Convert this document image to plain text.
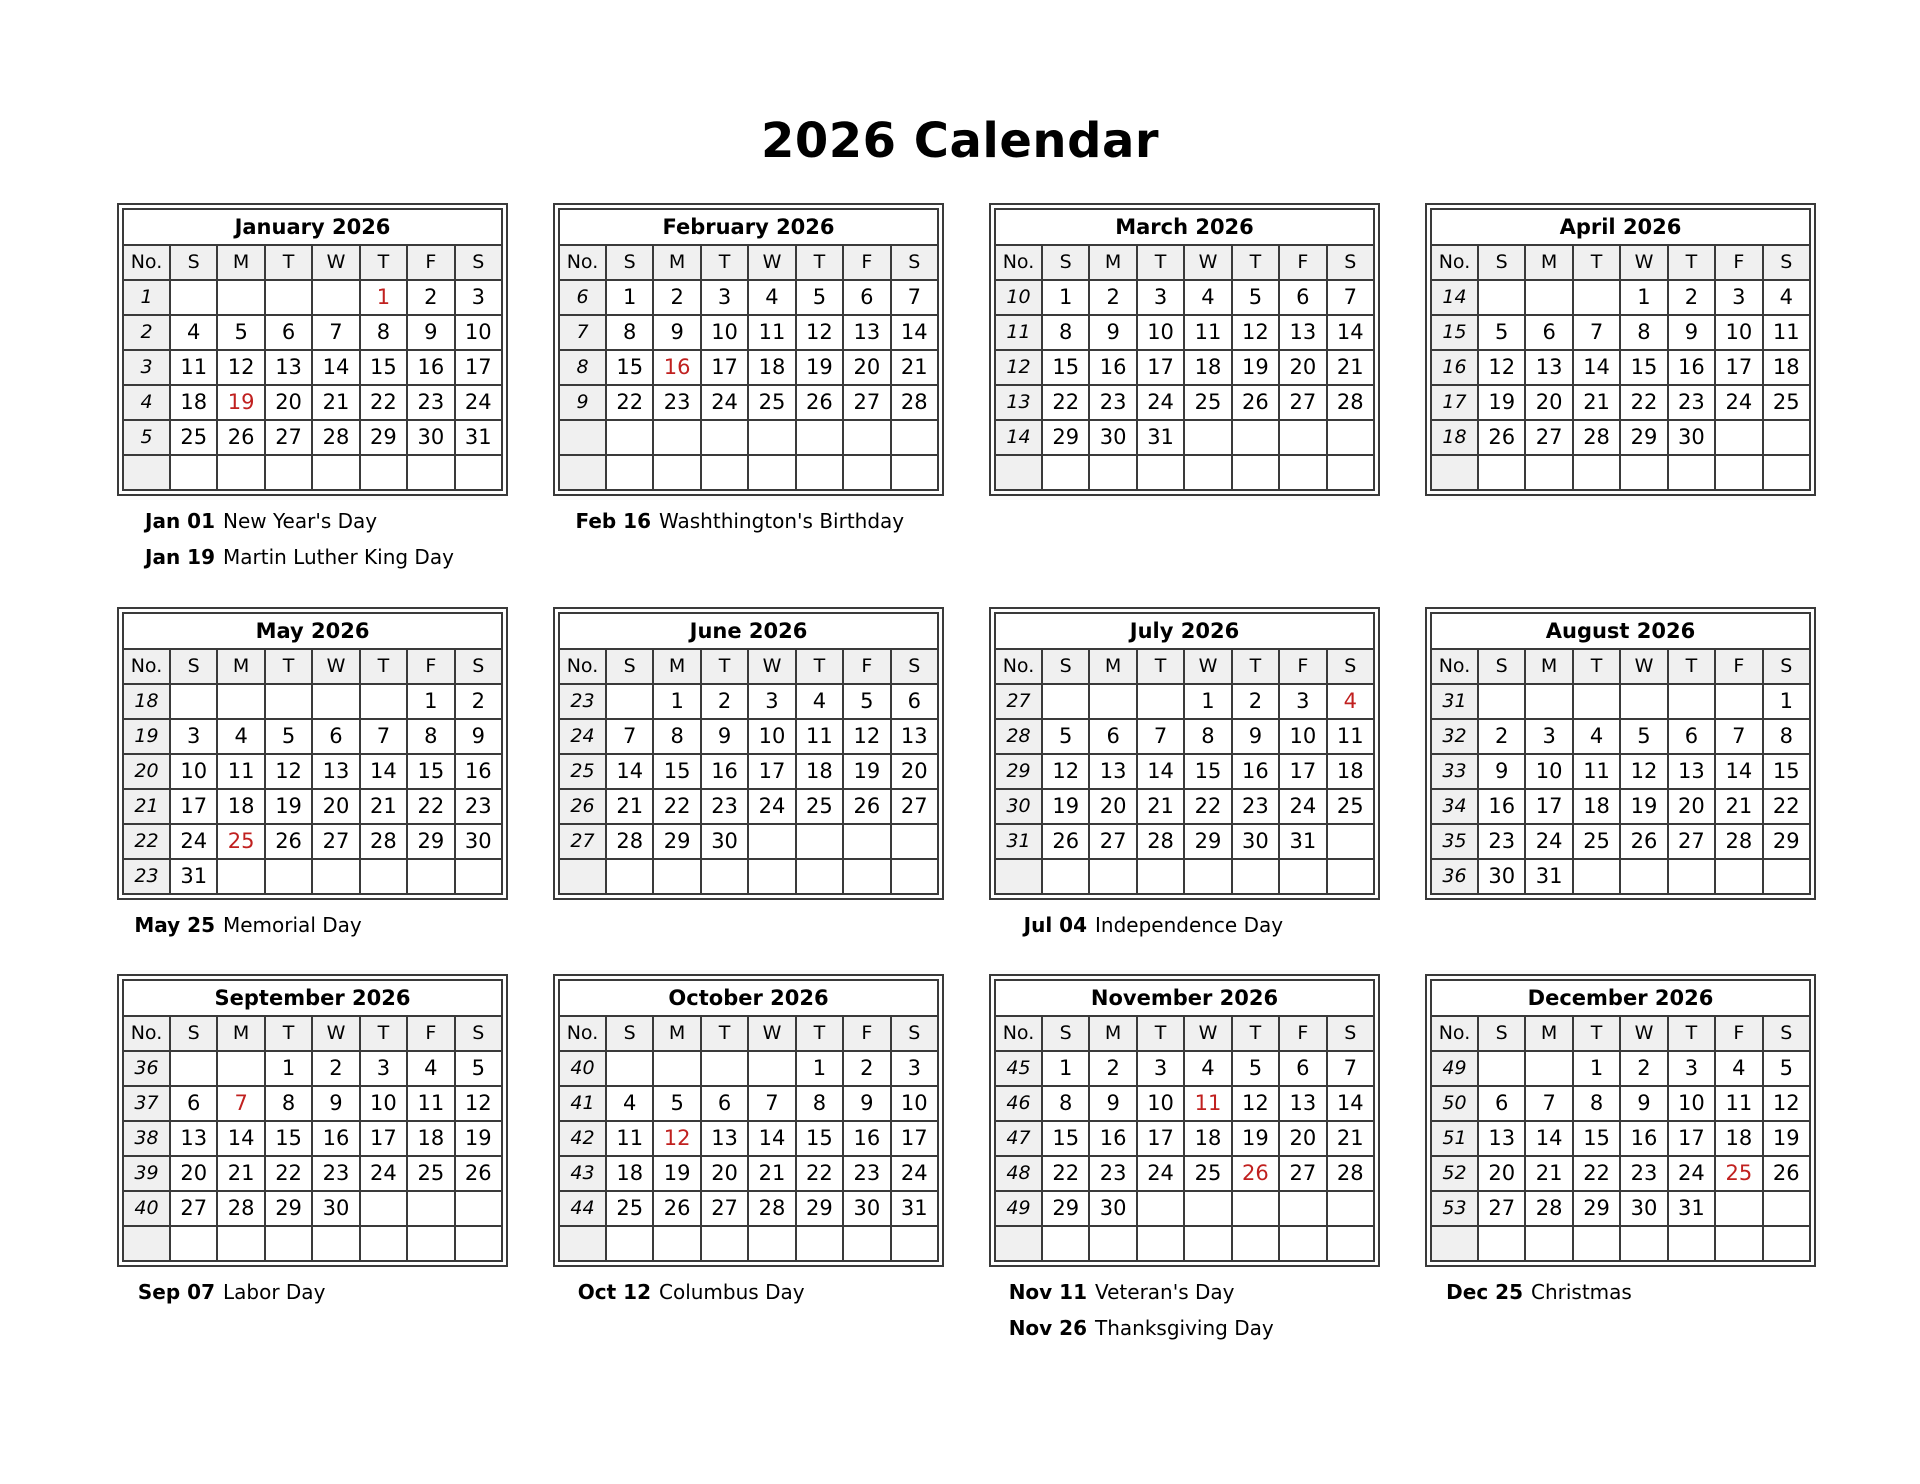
2026 Calendar
January 2026							
No.	S	M	T	W	T	F	S
1					1	2	3
2	4	5	6	7	8	9	10
3	11	12	13	14	15	16	17
4	18	19	20	21	22	23	24
5	25	26	27	28	29	30	31

Jan 01 New Year's Day
Jan 19 Martin Luther King Day
February 2026							
No.	S	M	T	W	T	F	S
6	1	2	3	4	5	6	7
7	8	9	10	11	12	13	14
8	15	16	17	18	19	20	21
9	22	23	24	25	26	27	28

Feb 16 Washthington's Birthday
March 2026							
No.	S	M	T	W	T	F	S
10	1	2	3	4	5	6	7
11	8	9	10	11	12	13	14
12	15	16	17	18	19	20	21
13	22	23	24	25	26	27	28
14	29	30	31				

April 2026							
No.	S	M	T	W	T	F	S
14				1	2	3	4
15	5	6	7	8	9	10	11
16	12	13	14	15	16	17	18
17	19	20	21	22	23	24	25
18	26	27	28	29	30		

May 2026							
No.	S	M	T	W	T	F	S
18						1	2
19	3	4	5	6	7	8	9
20	10	11	12	13	14	15	16
21	17	18	19	20	21	22	23
22	24	25	26	27	28	29	30
23	31						
May 25 Memorial Day
June 2026							
No.	S	M	T	W	T	F	S
23		1	2	3	4	5	6
24	7	8	9	10	11	12	13
25	14	15	16	17	18	19	20
26	21	22	23	24	25	26	27
27	28	29	30				

July 2026							
No.	S	M	T	W	T	F	S
27				1	2	3	4
28	5	6	7	8	9	10	11
29	12	13	14	15	16	17	18
30	19	20	21	22	23	24	25
31	26	27	28	29	30	31	

Jul 04 Independence Day
August 2026							
No.	S	M	T	W	T	F	S
31							1
32	2	3	4	5	6	7	8
33	9	10	11	12	13	14	15
34	16	17	18	19	20	21	22
35	23	24	25	26	27	28	29
36	30	31					
September 2026							
No.	S	M	T	W	T	F	S
36			1	2	3	4	5
37	6	7	8	9	10	11	12
38	13	14	15	16	17	18	19
39	20	21	22	23	24	25	26
40	27	28	29	30			

Sep 07 Labor Day
October 2026							
No.	S	M	T	W	T	F	S
40					1	2	3
41	4	5	6	7	8	9	10
42	11	12	13	14	15	16	17
43	18	19	20	21	22	23	24
44	25	26	27	28	29	30	31

Oct 12 Columbus Day
November 2026							
No.	S	M	T	W	T	F	S
45	1	2	3	4	5	6	7
46	8	9	10	11	12	13	14
47	15	16	17	18	19	20	21
48	22	23	24	25	26	27	28
49	29	30					

Nov 11 Veteran's Day
Nov 26 Thanksgiving Day
December 2026							
No.	S	M	T	W	T	F	S
49			1	2	3	4	5
50	6	7	8	9	10	11	12
51	13	14	15	16	17	18	19
52	20	21	22	23	24	25	26
53	27	28	29	30	31		

Dec 25 Christmas
